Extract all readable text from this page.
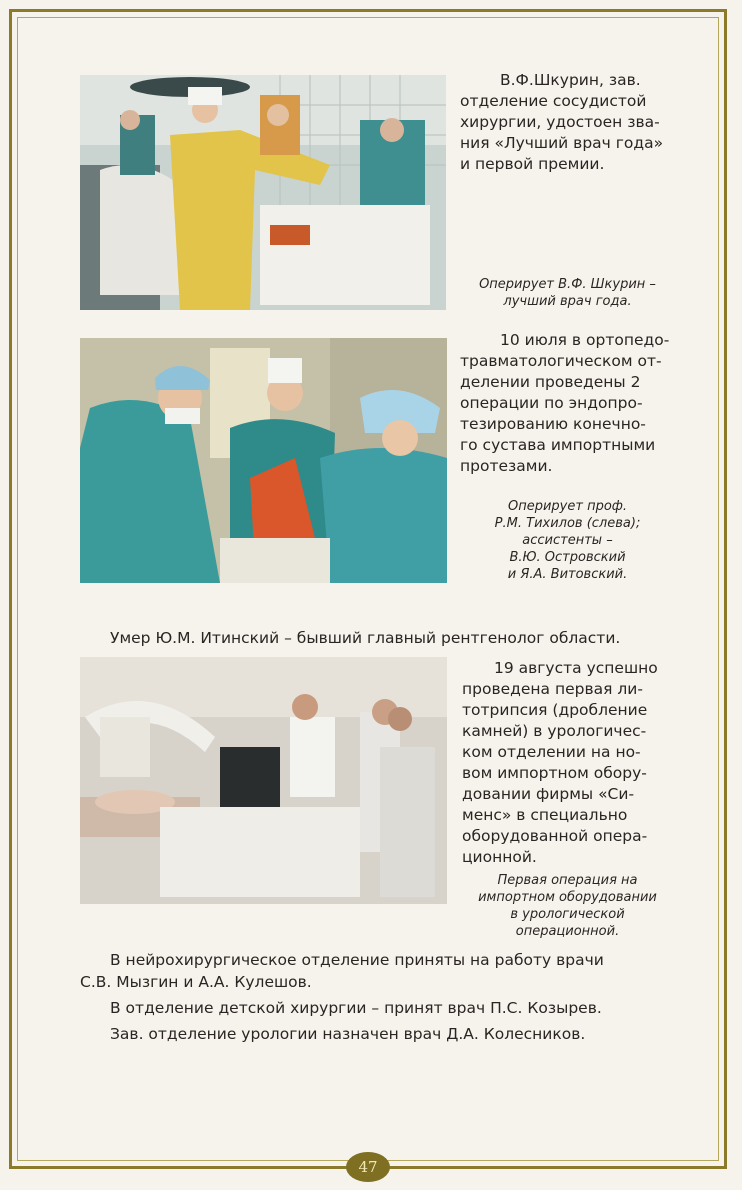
В.Ф.Шкурин, зав.
отделение сосудистой
хирургии, удостоен зва-
ния «Лучший врач года»
и первой премии.
Оперирует В.Ф. Шкурин –
лучший врач года.
10 июля в ортопедо-
травматологическом от-
делении проведены 2
операции по эндопро-
тезированию конечно-
го сустава импортными
протезами.
Оперирует проф.
Р.М. Тихилов (слева);
ассистенты –
В.Ю. Островский
и Я.А. Витовский.
Умер Ю.М. Итинский – бывший главный рентгенолог области.
19 августа успешно
проведена первая ли-
тотрипсия (дробление
камней) в урологичес-
ком отделении на но-
вом импортном обору-
довании фирмы «Си-
менс» в специально
оборудованной опера-
ционной.
Первая операция на
импортном оборудовании
в урологической
операционной.
В нейрохирургическое отделение приняты на работу врачи
С.В. Мызгин и А.А. Кулешов.
В отделение детской хирургии – принят врач П.С. Козырев.
Зав. отделение урологии назначен врач Д.А. Колесников.
47
